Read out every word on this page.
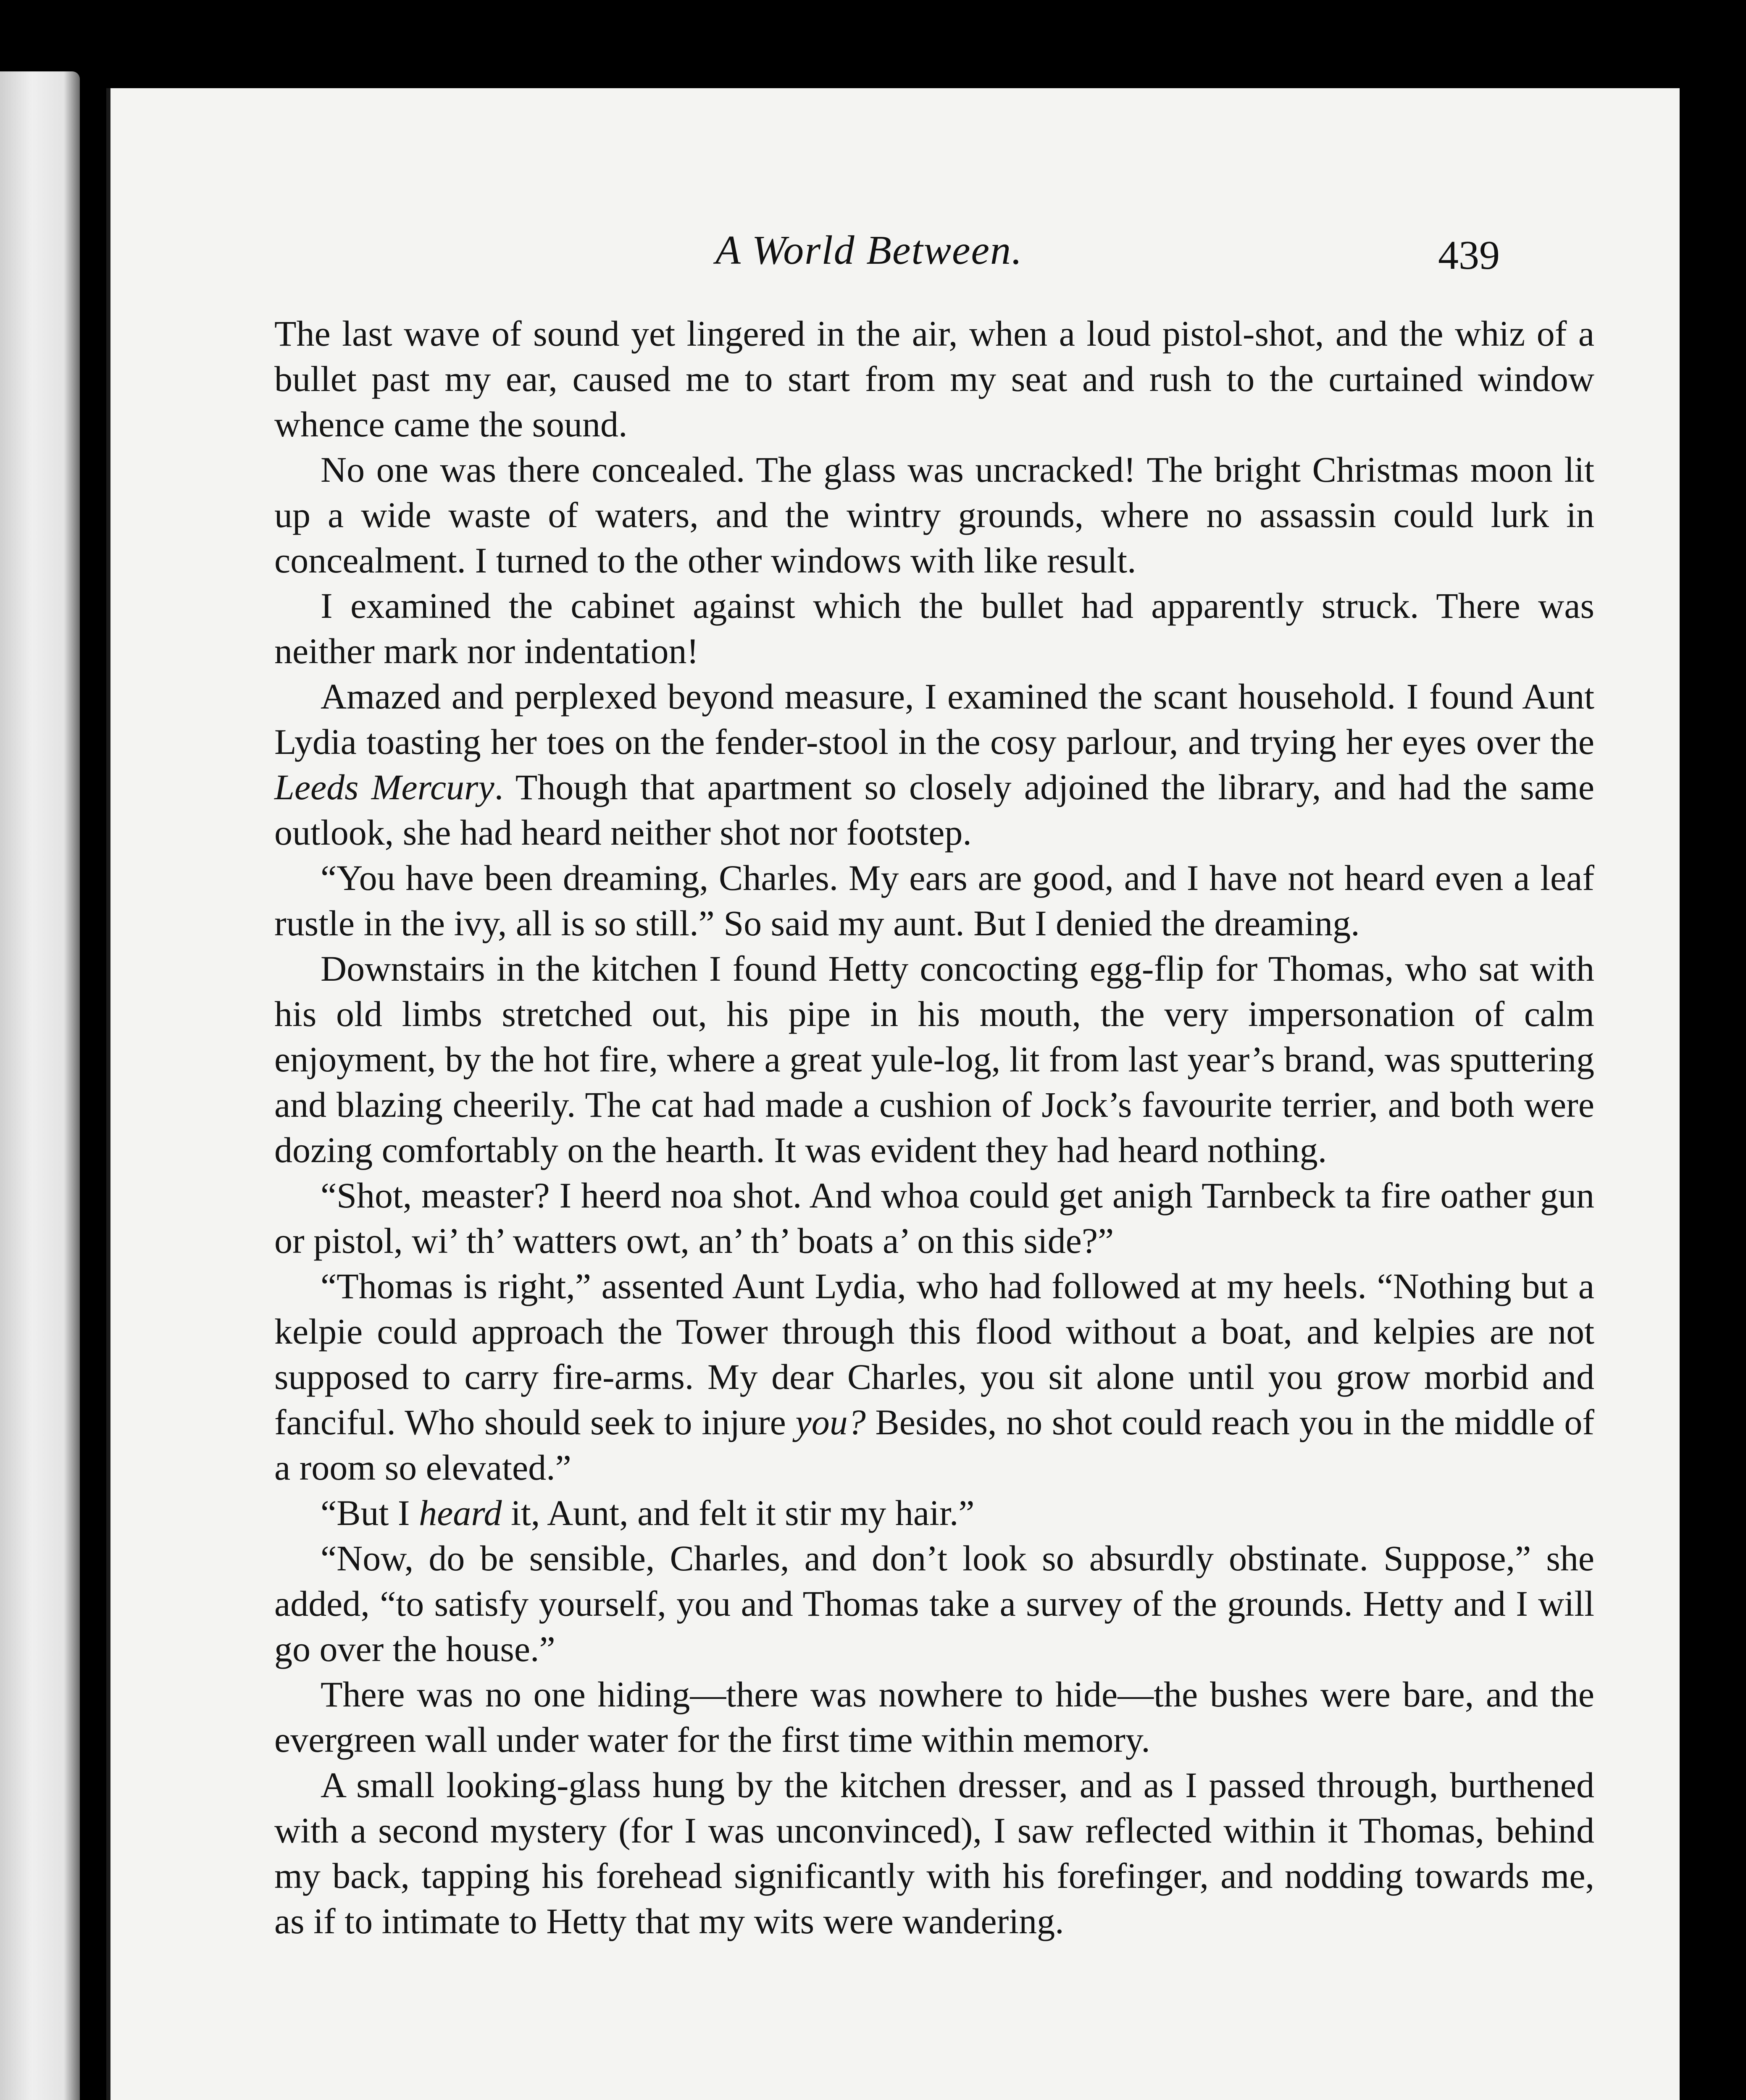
A World Between.	439

The last wave of sound yet lingered in the air, when a loud pistol-shot, and the whiz of a bullet past my ear, caused me to start from my seat and rush to the curtained window whence came the sound.

No one was there concealed. The glass was uncracked! The bright Christmas moon lit up a wide waste of waters, and the wintry grounds, where no assassin could lurk in concealment. I turned to the other windows with like result.

I examined the cabinet against which the bullet had apparently struck. There was neither mark nor indentation!

Amazed and perplexed beyond measure, I examined the scant household. I found Aunt Lydia toasting her toes on the fender-stool in the cosy parlour, and trying her eyes over the Leeds Mercury. Though that apartment so closely adjoined the library, and had the same outlook, she had heard neither shot nor footstep.

“You have been dreaming, Charles. My ears are good, and I have not heard even a leaf rustle in the ivy, all is so still.” So said my aunt. But I denied the dreaming.

Downstairs in the kitchen I found Hetty concocting egg-flip for Thomas, who sat with his old limbs stretched out, his pipe in his mouth, the very impersonation of calm enjoyment, by the hot fire, where a great yule-log, lit from last year’s brand, was sputtering and blazing cheerily. The cat had made a cushion of Jock’s favourite terrier, and both were dozing comfortably on the hearth. It was evident they had heard nothing.

“Shot, measter? I heerd noa shot. And whoa could get anigh Tarnbeck ta fire oather gun or pistol, wi’ th’ watters owt, an’ th’ boats a’ on this side?”

“Thomas is right,” assented Aunt Lydia, who had followed at my heels. “Nothing but a kelpie could approach the Tower through this flood without a boat, and kelpies are not supposed to carry fire-arms. My dear Charles, you sit alone until you grow morbid and fanciful. Who should seek to injure you? Besides, no shot could reach you in the middle of a room so elevated.”

“But I heard it, Aunt, and felt it stir my hair.”

“Now, do be sensible, Charles, and don’t look so absurdly obstinate. Suppose,” she added, “to satisfy yourself, you and Thomas take a survey of the grounds. Hetty and I will go over the house.”

There was no one hiding—there was nowhere to hide—the bushes were bare, and the evergreen wall under water for the first time within memory.

A small looking-glass hung by the kitchen dresser, and as I passed through, burthened with a second mystery (for I was unconvinced), I saw reflected within it Thomas, behind my back, tapping his forehead significantly with his forefinger, and nodding towards me, as if to intimate to Hetty that my wits were wandering.
